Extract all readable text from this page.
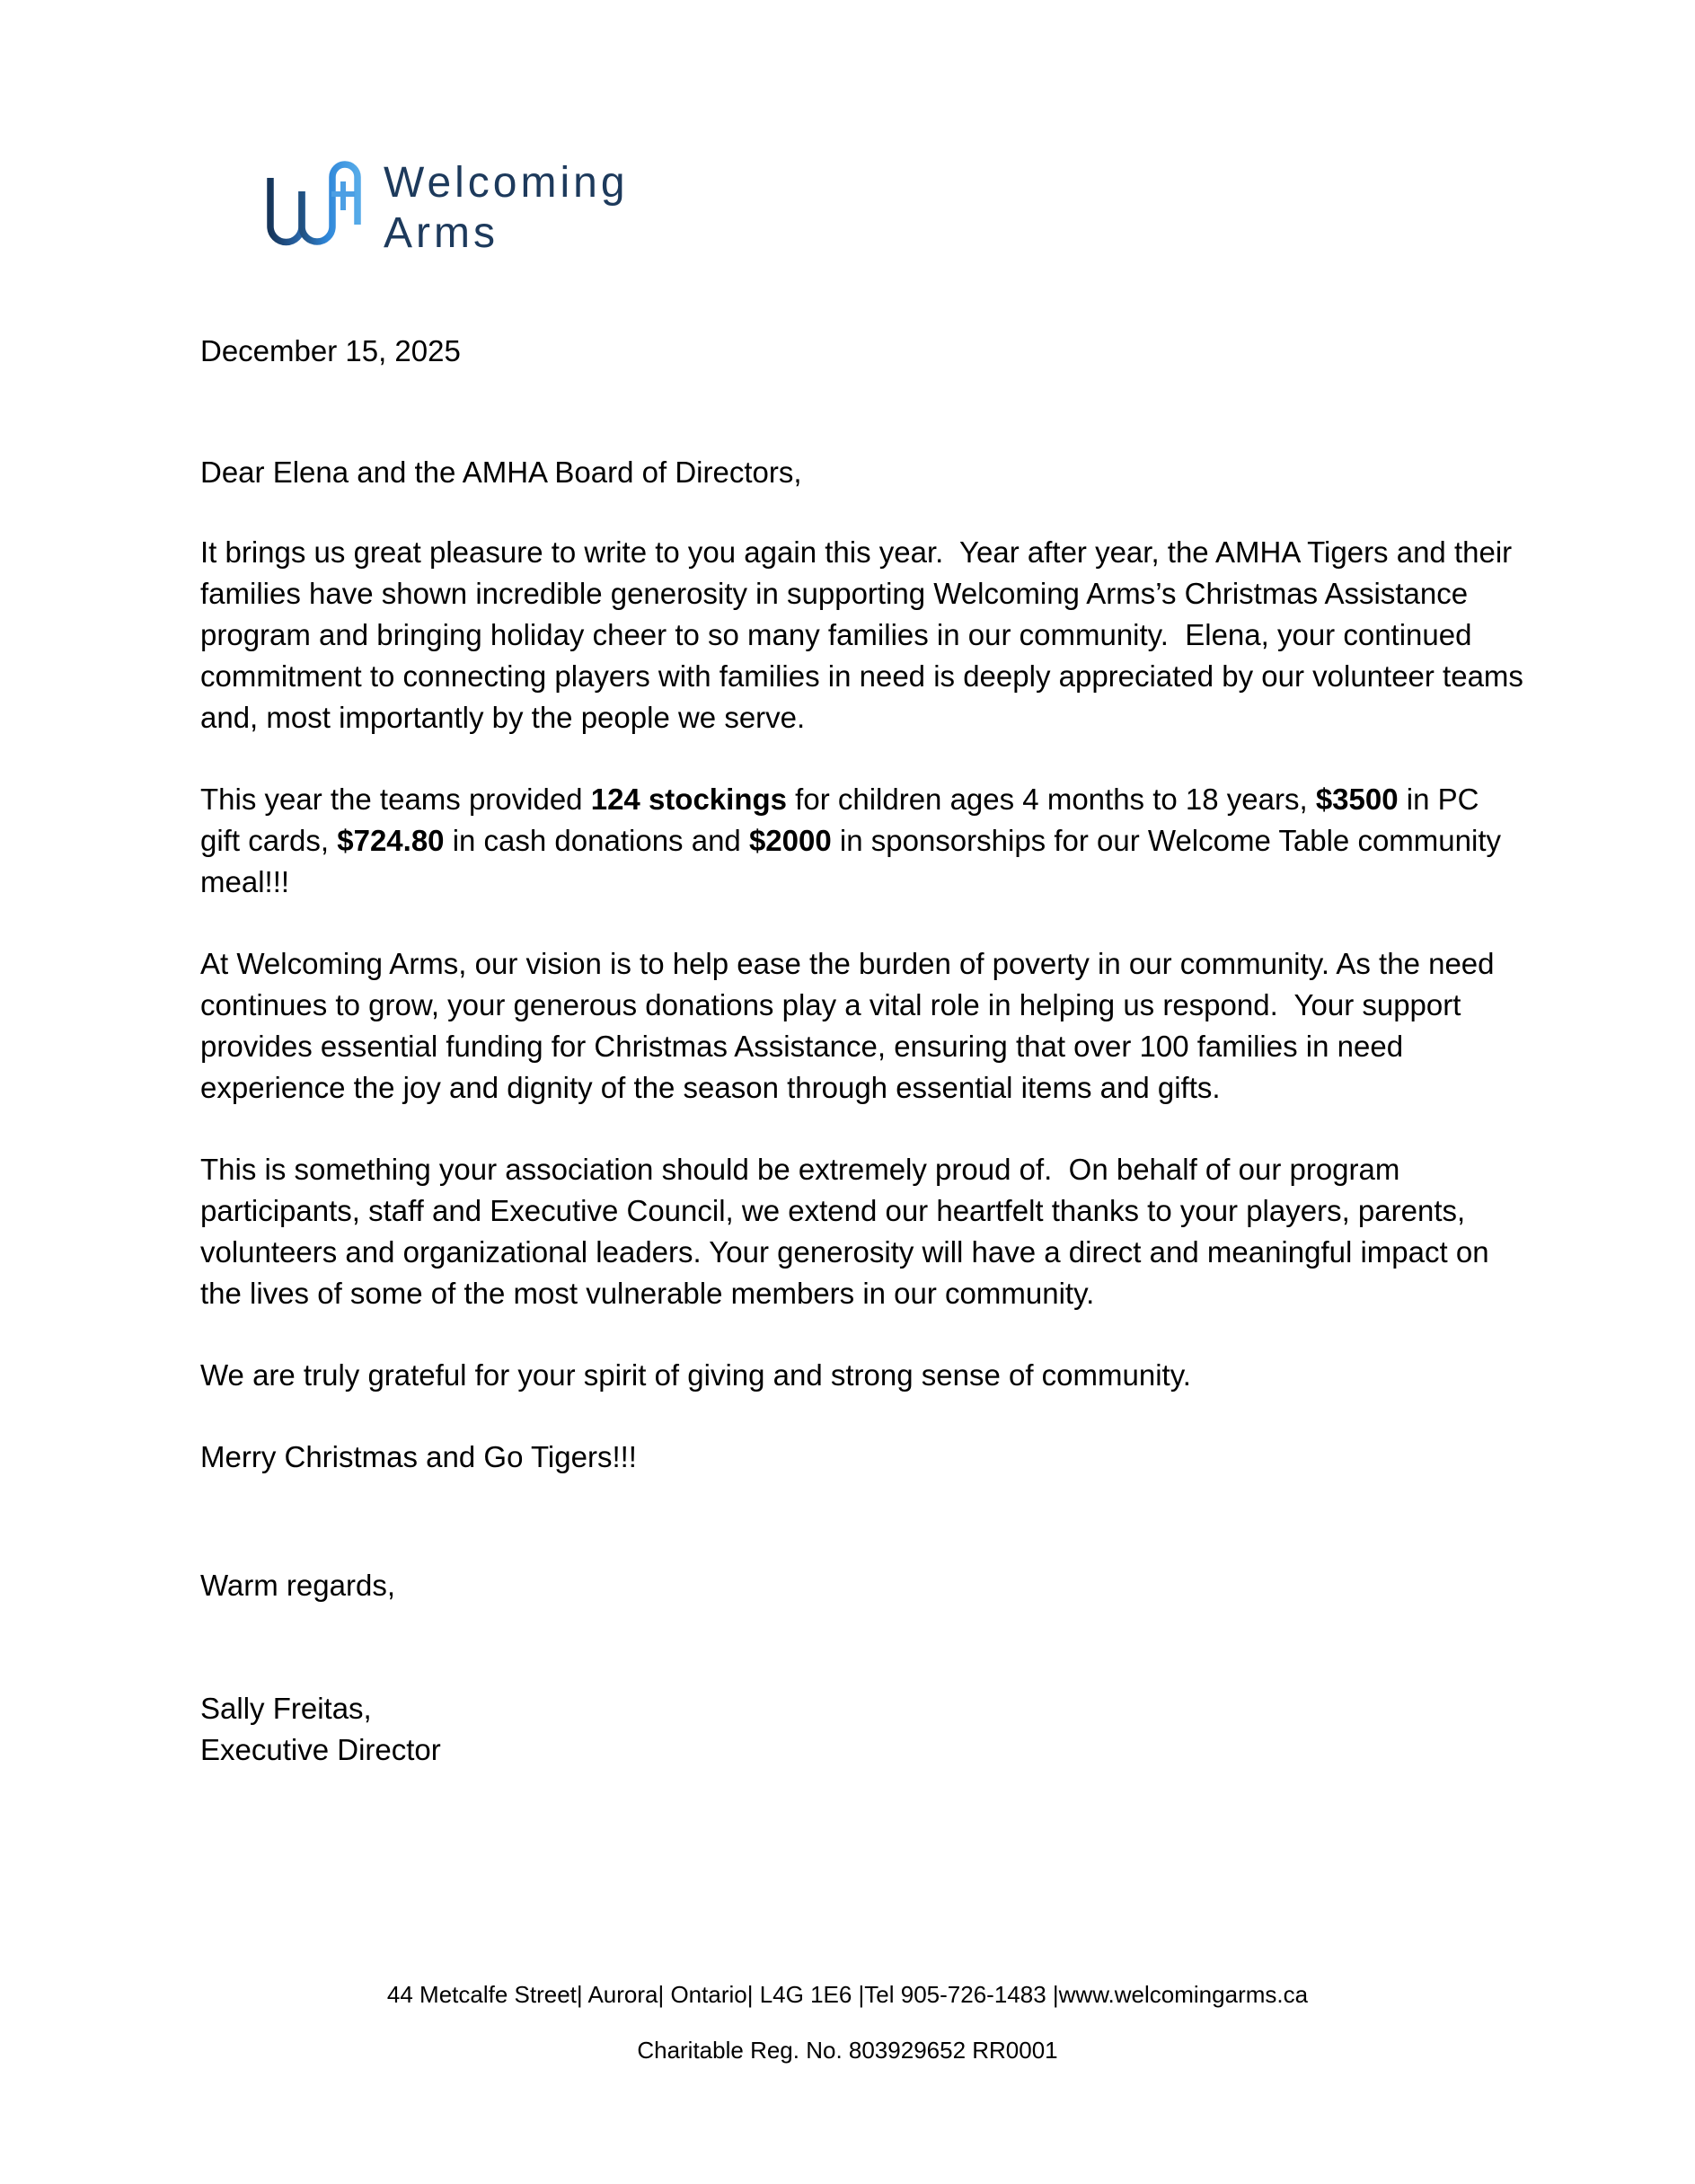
Welcoming
Arms

December 15, 2025

Dear Elena and the AMHA Board of Directors,

It brings us great pleasure to write to you again this year.  Year after year, the AMHA Tigers and their families have shown incredible generosity in supporting Welcoming Arms’s Christmas Assistance program and bringing holiday cheer to so many families in our community.  Elena, your continued commitment to connecting players with families in need is deeply appreciated by our volunteer teams and, most importantly by the people we serve.

This year the teams provided 124 stockings for children ages 4 months to 18 years, $3500 in PC gift cards, $724.80 in cash donations and $2000 in sponsorships for our Welcome Table community meal!!!

At Welcoming Arms, our vision is to help ease the burden of poverty in our community. As the need continues to grow, your generous donations play a vital role in helping us respond.  Your support provides essential funding for Christmas Assistance, ensuring that over 100 families in need experience the joy and dignity of the season through essential items and gifts.

This is something your association should be extremely proud of.  On behalf of our program participants, staff and Executive Council, we extend our heartfelt thanks to your players, parents, volunteers and organizational leaders. Your generosity will have a direct and meaningful impact on the lives of some of the most vulnerable members in our community.

We are truly grateful for your spirit of giving and strong sense of community.

Merry Christmas and Go Tigers!!!

Warm regards,

Sally Freitas,

Executive Director

44 Metcalfe Street| Aurora| Ontario| L4G 1E6 |Tel 905-726-1483 |www.welcomingarms.ca

Charitable Reg. No. 803929652 RR0001
